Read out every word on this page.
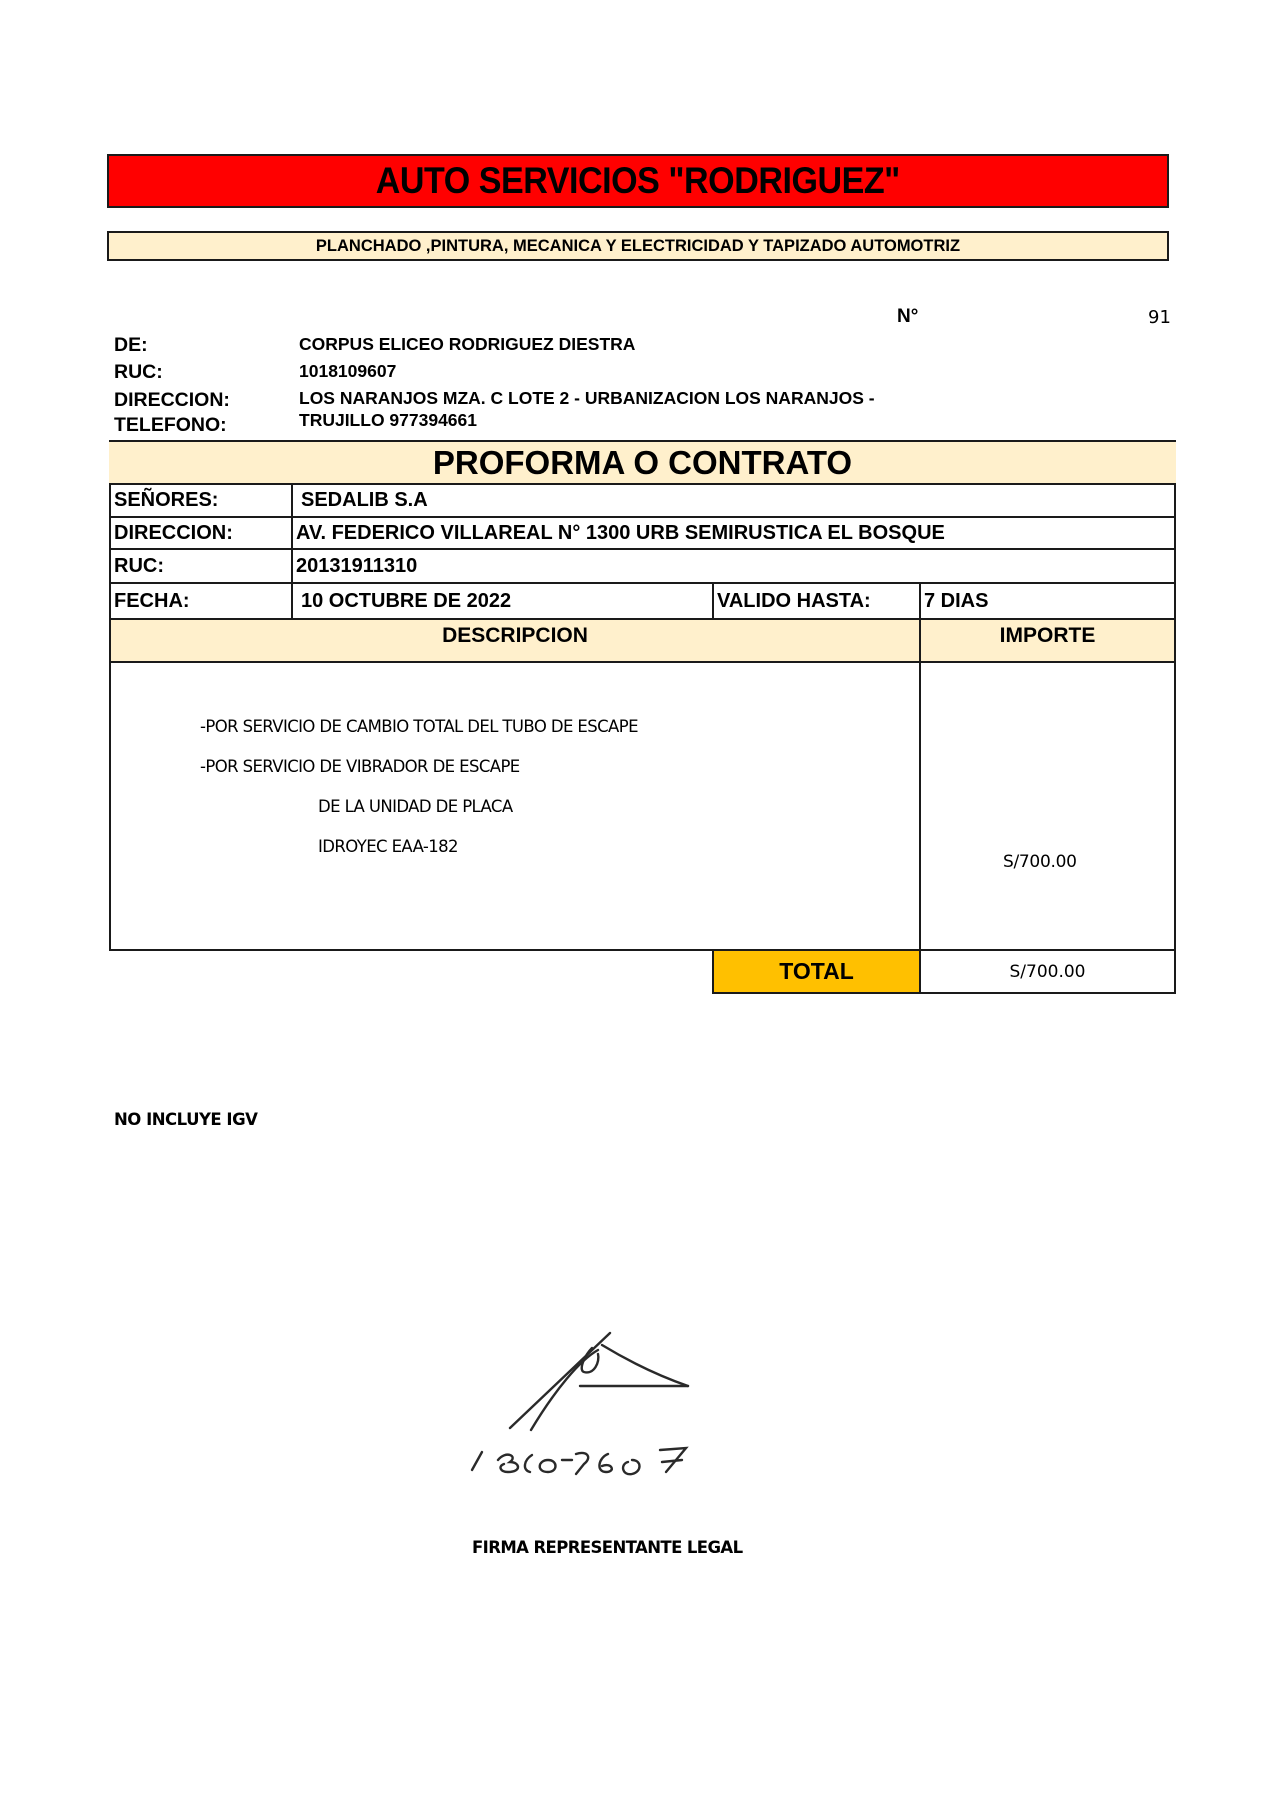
AUTO SERVICIOS "RODRIGUEZ"
PLANCHADO ,PINTURA, MECANICA Y ELECTRICIDAD Y TAPIZADO AUTOMOTRIZ
N°	91
DE:	CORPUS ELICEO RODRIGUEZ DIESTRA
RUC:	1018109607
DIRECCION:	LOS NARANJOS MZA. C LOTE 2 - URBANIZACION LOS NARANJOS -
TELEFONO:	TRUJILLO 977394661
PROFORMA O CONTRATO
SEÑORES:	SEDALIB S.A
DIRECCION:	AV. FEDERICO VILLAREAL N° 1300 URB SEMIRUSTICA EL BOSQUE
RUC:	20131911310
FECHA:	10 OCTUBRE DE 2022	VALIDO HASTA:	7 DIAS
DESCRIPCION	IMPORTE
-POR SERVICIO DE CAMBIO TOTAL DEL TUBO DE ESCAPE
-POR SERVICIO DE VIBRADOR DE ESCAPE
DE LA UNIDAD DE PLACA
IDROYEC EAA-182
S/700.00
TOTAL	S/700.00
NO INCLUYE IGV
FIRMA REPRESENTANTE LEGAL
